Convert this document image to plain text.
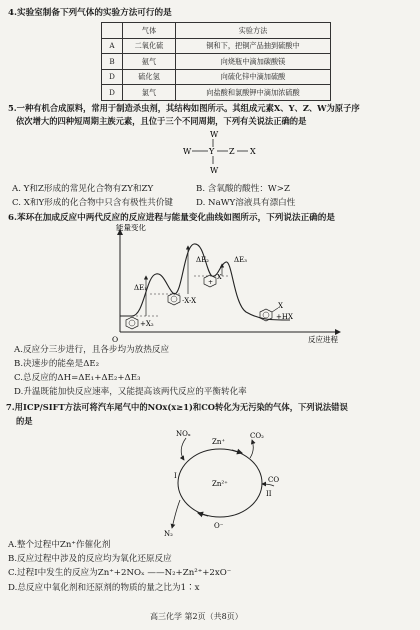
4.实验室制备下列气体的实验方法可行的是
	气体	实验方法
A	二氧化硫	铜和下，把铜产品抽到硫酸中
B	氨气	向烧瓶中滴加碳酸镁
D	硫化氢	向硫化锌中滴加硫酸
D	氯气	向盐酸和氯酸钾中滴加浓硫酸
5.一种有机合成原料，常用于制造杀虫剂，其结构如图所示。其组成元素X、Y、Z、W为原子序
依次增大的四种短周期主族元素，且位于三个不同周期，下列有关说法正确的是
W
W Y Z X
W
A. Y和Z形成的常见化合物有ZY和ZY	B. 含氧酸的酸性：W>Z
C. X和Y形成的化合物中只含有极性共价键	D. NaWY溶液具有漂白性
6.苯环在加成反应中两代反应的反应进程与能量变化曲线如图所示，下列说法正确的是
能量变化
O	反应进程
ΔE₁
ΔE₂	ΔE₃
+X₂
·X-X
+
X
X
+HX
A.反应分三步进行，且各步均为放热反应
B.决速步的能垒是ΔE₂
C.总反应的ΔH=ΔE₁+ΔE₂+ΔE₃
D.升温既能加快反应速率，又能提高该两代反应的平衡转化率
7.用ICP/SIFT方法可将汽车尾气中的NOx(x≥1)和CO转化为无污染的气体，下列说法错误
的是
Zn⁺
CO₂
NOₓ
Zn²⁺	CO
O⁻
N₂
I
II
A.整个过程中Zn⁺作催化剂
B.反应过程中涉及的反应均为氧化还原反应
C.过程Ⅰ中发生的反应为Zn⁺+2NOₓ ——N₂+Zn²⁺+2xO⁻
D.总反应中氧化剂和还原剂的物质的量之比为1∶x
高三化学 第2页（共8页）
